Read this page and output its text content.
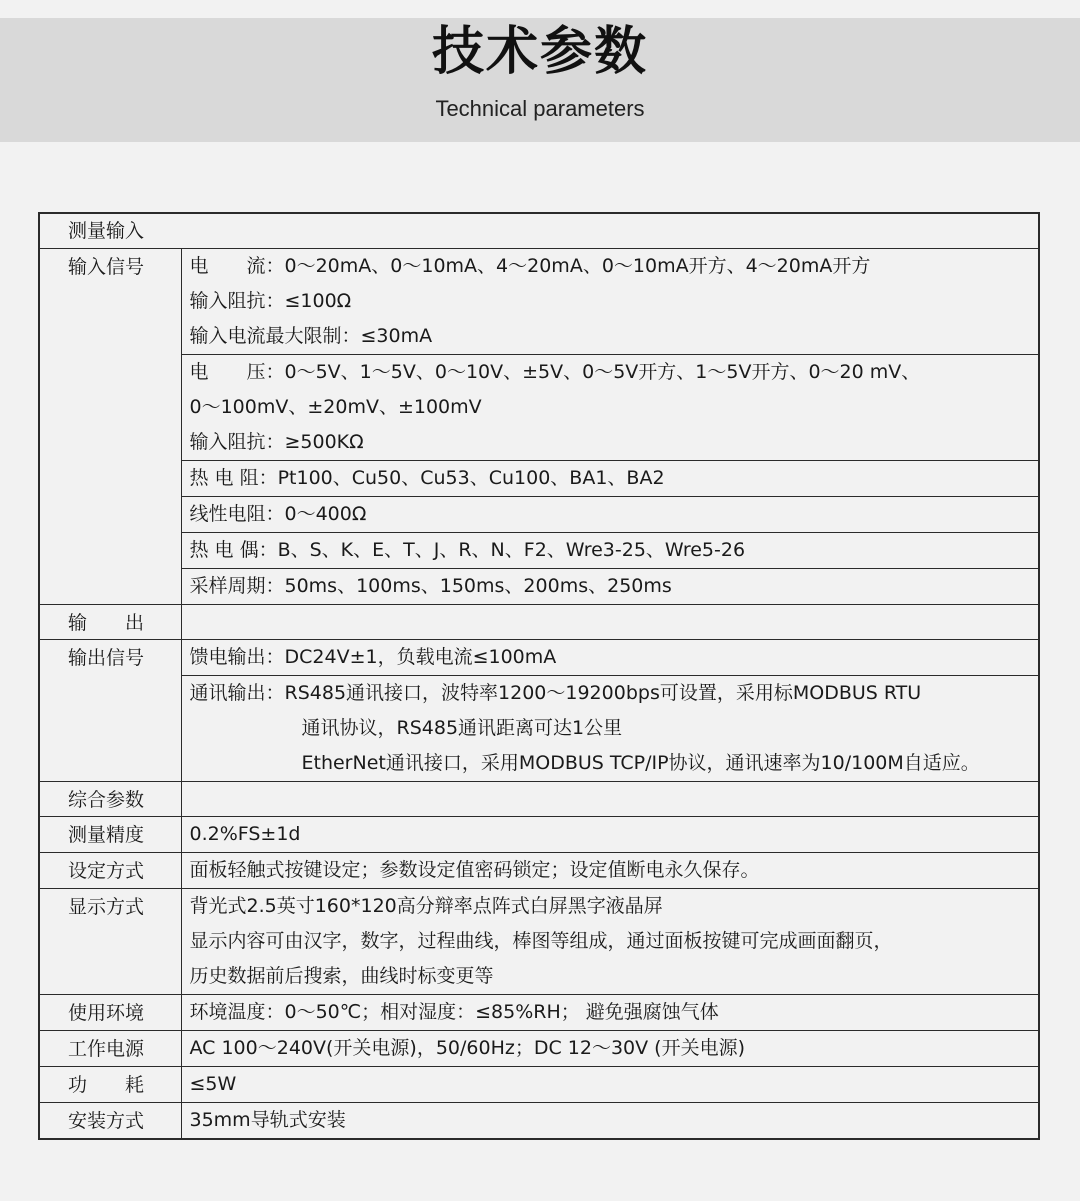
技术参数
Technical parameters
测量输入	
输入信号	电　　流：0～20mA、0～10mA、4～20mA、0～10mA开方、4～20mA开方
输入阻抗：≤100Ω
输入电流最大限制：≤30mA

	电　　压：0～5V、1～5V、0～10V、±5V、0～5V开方、1～5V开方、0～20 mV、
0～100mV、±20mV、±100mV
输入阻抗：≥500KΩ

	热 电 阻：Pt100、Cu50、Cu53、Cu100、BA1、BA2

	线性电阻：0～400Ω

	热 电 偶：B、S、K、E、T、J、R、N、F2、Wre3-25、Wre5-26

	采样周期：50ms、100ms、150ms、200ms、250ms

输　　出	
输出信号	馈电输出：DC24V±1，负载电流≤100mA

	通讯输出：RS485通讯接口，波特率1200～19200bps可设置，采用标MODBUS RTU
通讯协议，RS485通讯距离可达1公里
EtherNet通讯接口，采用MODBUS TCP/IP协议，通讯速率为10/100M自适应。

综合参数	
测量精度	0.2%FS±1d

设定方式	面板轻触式按键设定；参数设定值密码锁定；设定值断电永久保存。

显示方式	背光式2.5英寸160*120高分辩率点阵式白屏黑字液晶屏
显示内容可由汉字，数字，过程曲线，棒图等组成，通过面板按键可完成画面翻页，
历史数据前后搜索，曲线时标变更等

使用环境	环境温度：0～50℃；相对湿度：≤85%RH； 避免强腐蚀气体

工作电源	AC 100～240V(开关电源)，50/60Hz；DC 12～30V (开关电源)

功　　耗	≤5W

安装方式	35mm导轨式安装
